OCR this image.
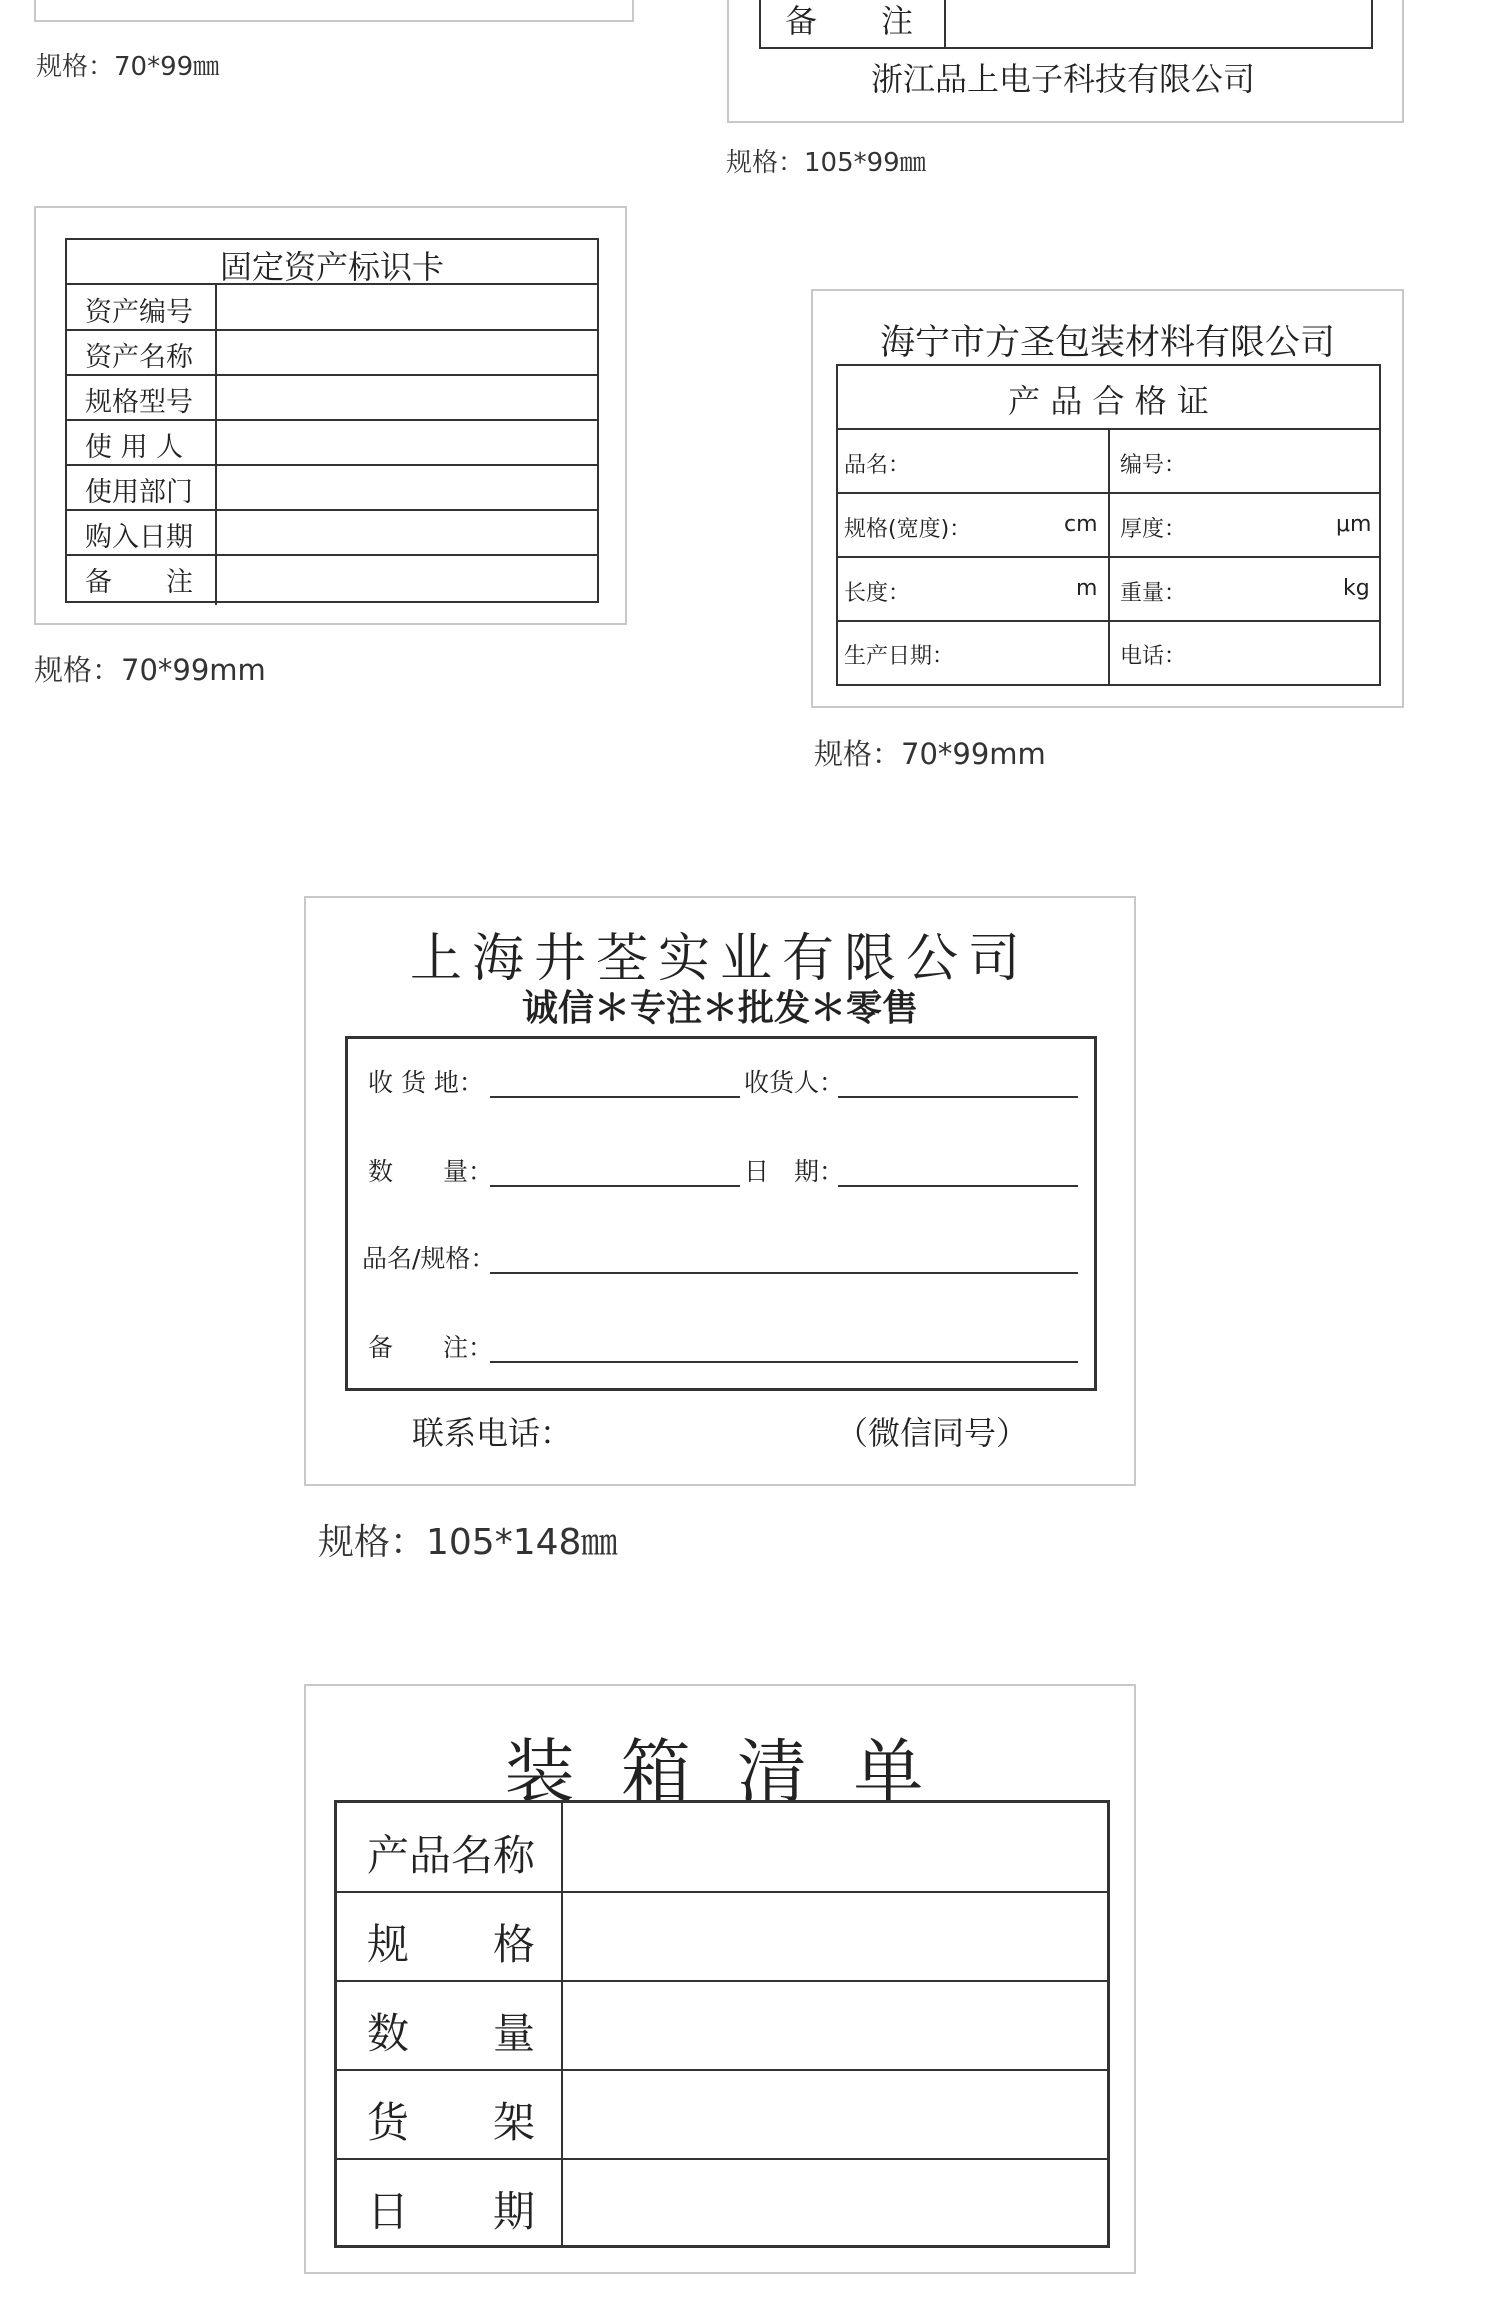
规格：70*99㎜
备　　注
浙江品上电子科技有限公司
规格：105*99㎜
固定资产标识卡
资产编号
资产名称
规格型号
使 用 人
使用部门
购入日期
备　　注
规格：70*99mm
海宁市方圣包装材料有限公司
产 品 合 格 证
品名：	编号：
规格(宽度)：	cm 厚度：	μm
长度：	m 重量：	kg
生产日期：	电话：
规格：70*99mm
上海井荃实业有限公司
诚信＊专注＊批发＊零售
收 货 地：	收货人：
数　　量：	日　期：
品名/规格：
备　　注：
联系电话：	（微信同号）
规格：105*148㎜
装 箱 清 单
产品名称
规　　格
数　　量
货　　架
日　　期
